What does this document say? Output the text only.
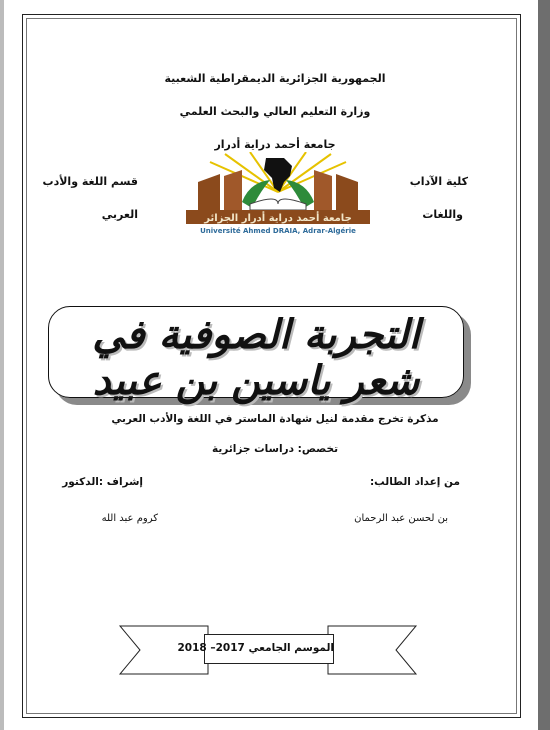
الجمهورية الجزائرية الديمقراطية الشعبية
وزارة التعليم العالي والبحث العلمي
جامعة أحمد دراية أدرار
قسم اللغة والأدب
العربي
كلية الآداب
واللغات
جامعة أحمد دراية أدرار الجزائر
Université Ahmed DRAIA, Adrar-Algérie
التجربة الصوفية في شعر ياسين بن عبيد
مذكرة تخرج مقدمة لنيل شهادة الماستر في اللغة والأدب العربي
تخصص: دراسات جزائرية
من إعداد الطالب:
إشراف :الدكتور
بن لحسن عبد الرحمان
كروم عبد الله
الموسم الجامعي 2017– 2018
